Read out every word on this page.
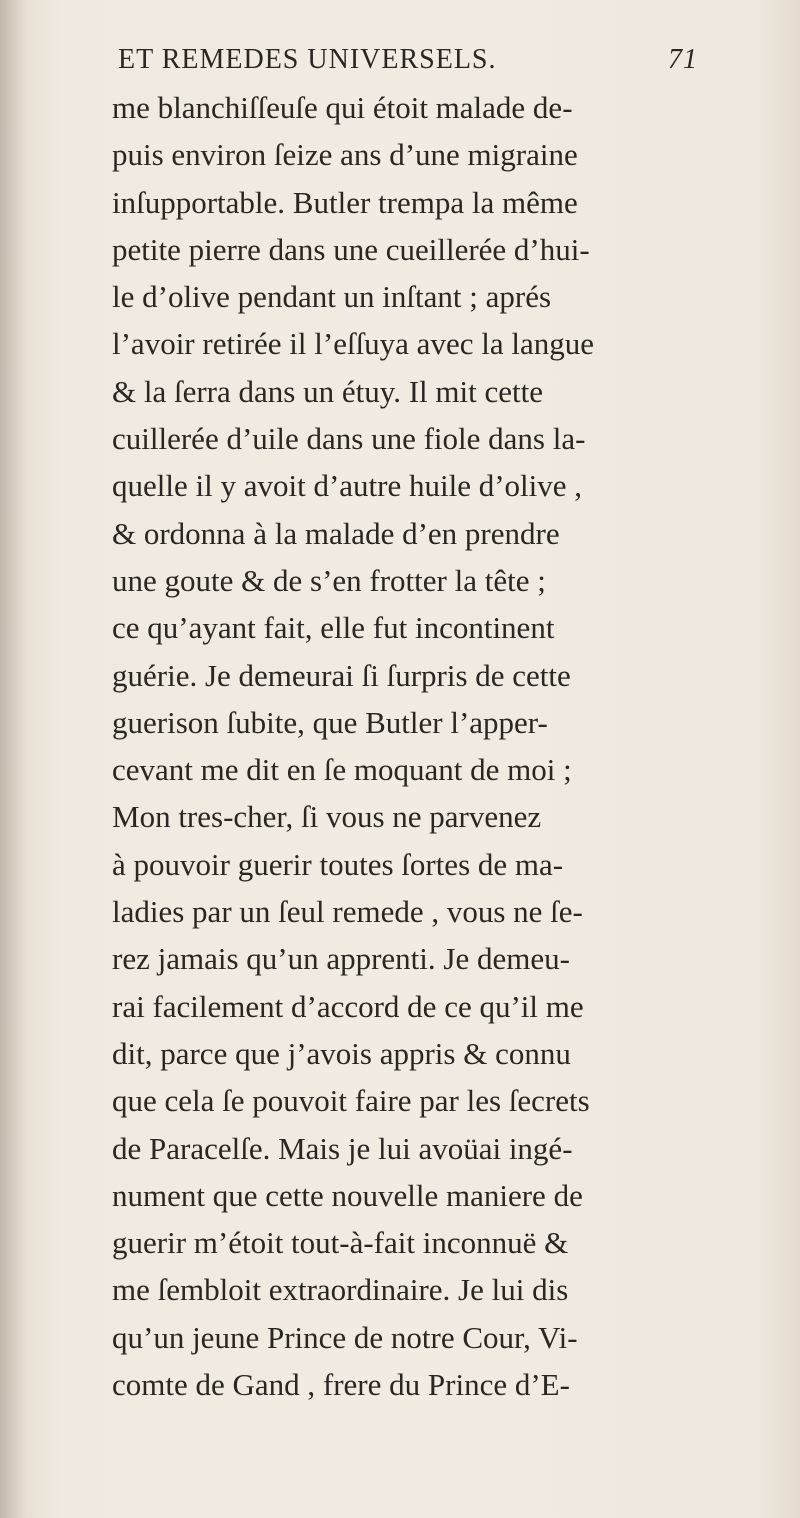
ET REMEDES UNIVERSELS.	71
me blanchiſſeuſe qui étoit malade de-
puis environ ſeize ans d’une migraine
inſupportable. Butler trempa la même
petite pierre dans une cueillerée d’hui-
le d’olive pendant un inſtant ; aprés
l’avoir retirée il l’eſſuya avec la langue
& la ſerra dans un étuy. Il mit cette
cuillerée d’uile dans une fiole dans la-
quelle il y avoit d’autre huile d’olive ,
& ordonna à la malade d’en prendre
une goute & de s’en frotter la tête ;
ce qu’ayant fait, elle fut incontinent
guérie. Je demeurai ſi ſurpris de cette
guerison ſubite, que Butler l’apper-
cevant me dit en ſe moquant de moi ;
Mon tres-cher, ſi vous ne parvenez
à pouvoir guerir toutes ſortes de ma-
ladies par un ſeul remede , vous ne ſe-
rez jamais qu’un apprenti. Je demeu-
rai facilement d’accord de ce qu’il me
dit, parce que j’avois appris & connu
que cela ſe pouvoit faire par les ſecrets
de Paracelſe. Mais je lui avoüai ingé-
nument que cette nouvelle maniere de
guerir m’étoit tout-à-fait inconnuë &
me ſembloit extraordinaire. Je lui dis
qu’un jeune Prince de notre Cour, Vi-
comte de Gand , frere du Prince d’E-
